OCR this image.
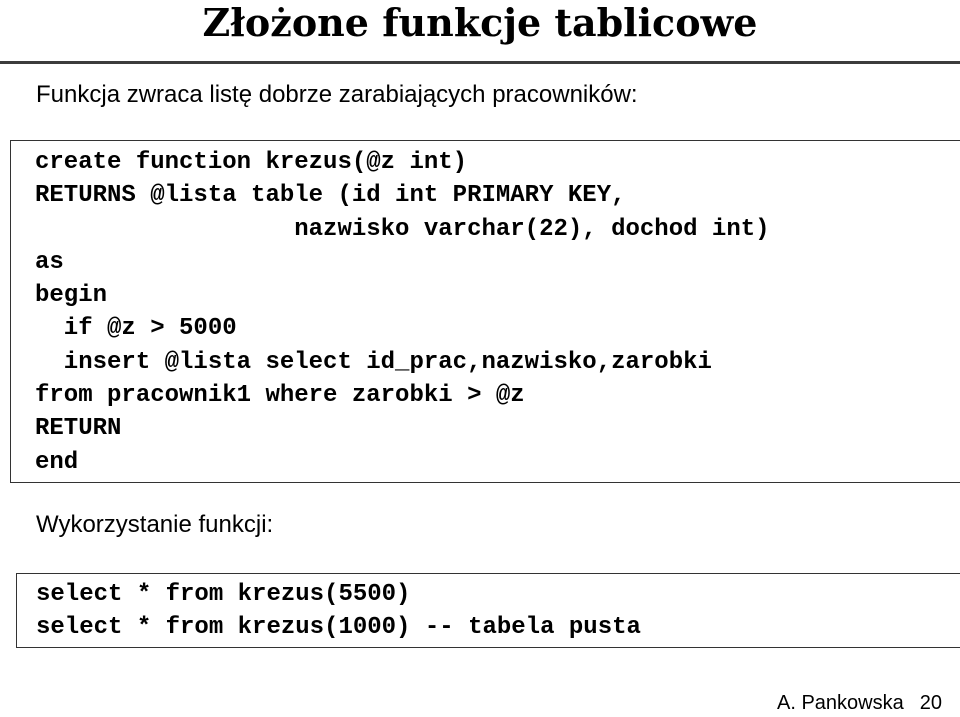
Złożone funkcje tablicowe
Funkcja zwraca listę dobrze zarabiających pracowników:
create function krezus(@z int)
RETURNS @lista table (id int PRIMARY KEY,
nazwisko varchar(22), dochod int)
as
begin
if @z > 5000
insert @lista select id_prac,nazwisko,zarobki
from pracownik1 where zarobki > @z
RETURN
end
Wykorzystanie funkcji:
select * from krezus(5500)
select * from krezus(1000) -- tabela pusta
A. Pankowska 20
